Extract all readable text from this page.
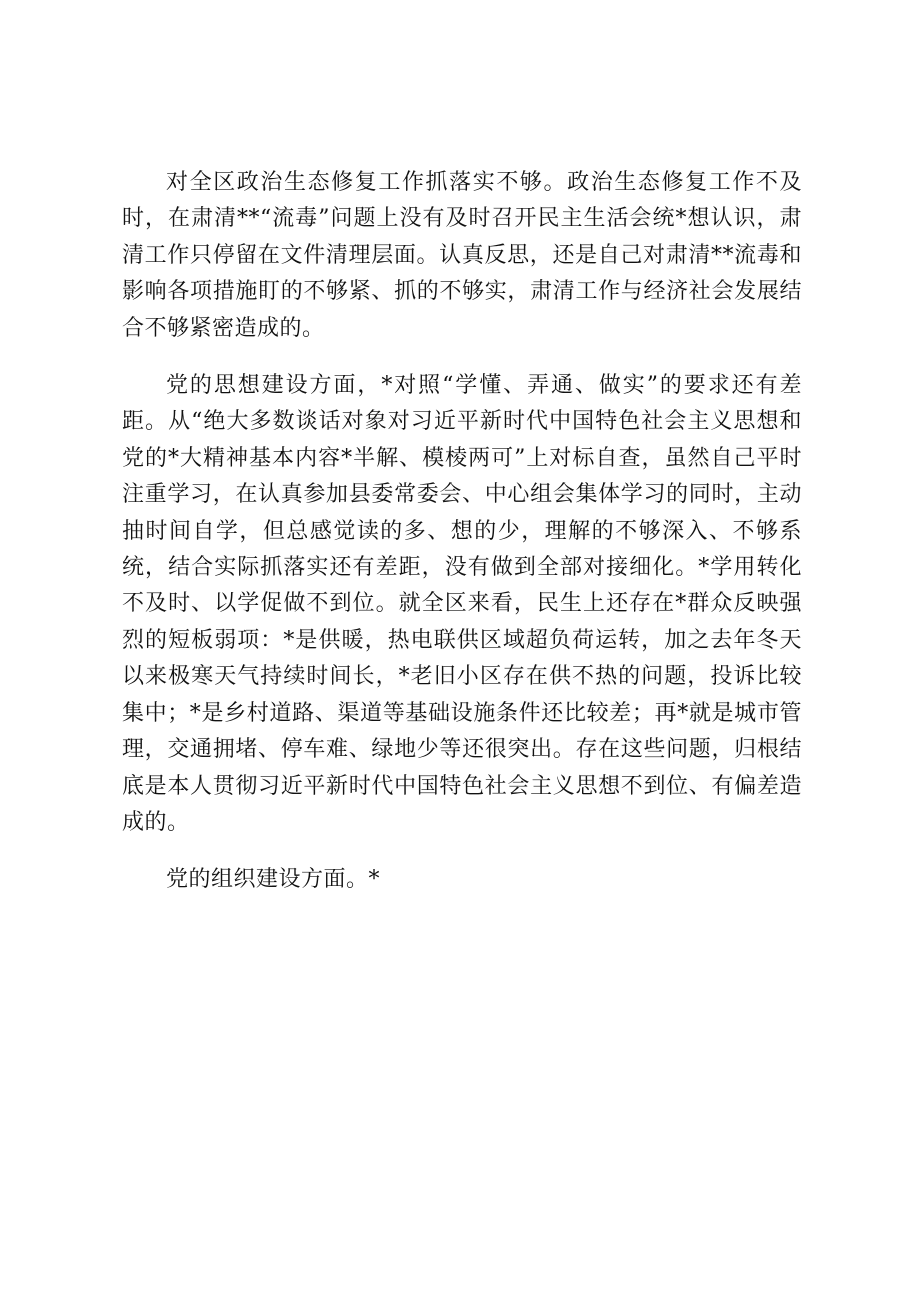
对全区政治生态修复工作抓落实不够。政治生态修复工作不及时，在肃清**“流毒”问题上没有及时召开民主生活会统*想认识，肃清工作只停留在文件清理层面。认真反思，还是自己对肃清**流毒和影响各项措施盯的不够紧、抓的不够实，肃清工作与经济社会发展结合不够紧密造成的。

党的思想建设方面，*对照“学懂、弄通、做实”的要求还有差距。从“绝大多数谈话对象对习近平新时代中国特色社会主义思想和党的*大精神基本内容*半解、模棱两可”上对标自查，虽然自己平时注重学习，在认真参加县委常委会、中心组会集体学习的同时，主动抽时间自学，但总感觉读的多、想的少，理解的不够深入、不够系统，结合实际抓落实还有差距，没有做到全部对接细化。*学用转化不及时、以学促做不到位。就全区来看，民生上还存在*群众反映强烈的短板弱项：*是供暖，热电联供区域超负荷运转，加之去年冬天以来极寒天气持续时间长，*老旧小区存在供不热的问题，投诉比较集中；*是乡村道路、渠道等基础设施条件还比较差；再*就是城市管理，交通拥堵、停车难、绿地少等还很突出。存在这些问题，归根结底是本人贯彻习近平新时代中国特色社会主义思想不到位、有偏差造成的。

党的组织建设方面。*
